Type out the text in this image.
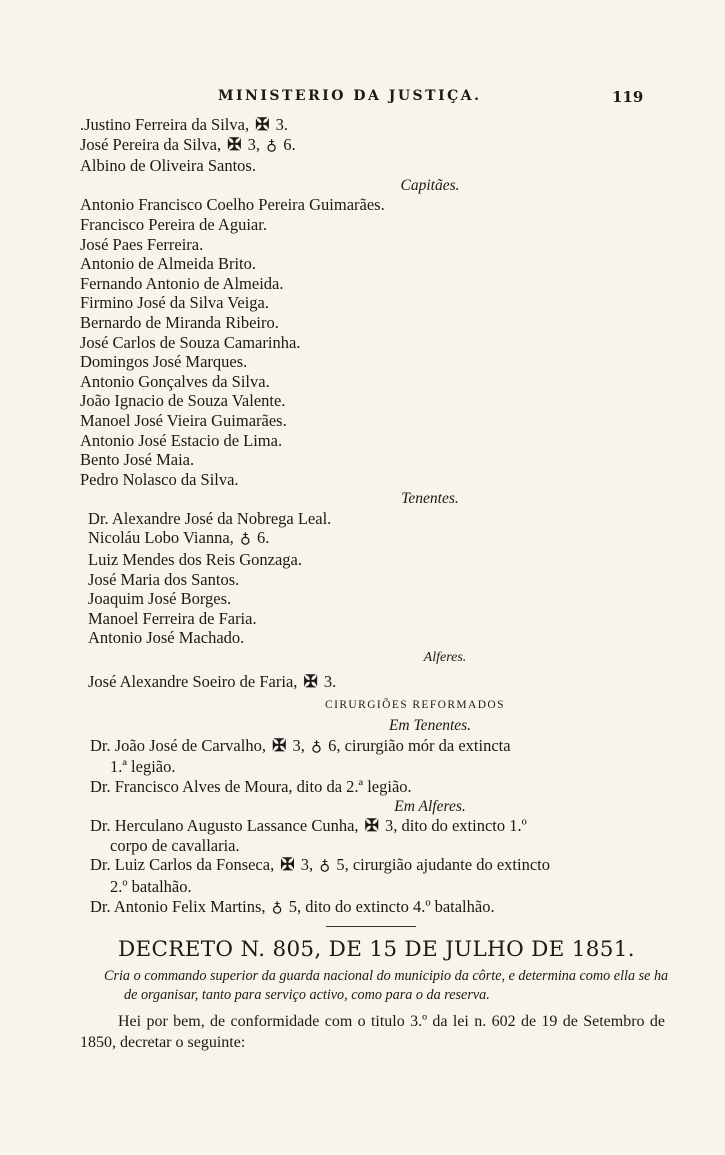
MINISTERIO DA JUSTIÇA.	119
.Justino Ferreira da Silva, ✠ 3.
José Pereira da Silva, ✠ 3, ♁ 6.
Albino de Oliveira Santos.
Capitães.
Antonio Francisco Coelho Pereira Guimarães.
Francisco Pereira de Aguiar.
José Paes Ferreira.
Antonio de Almeida Brito.
Fernando Antonio de Almeida.
Firmino José da Silva Veiga.
Bernardo de Miranda Ribeiro.
José Carlos de Souza Camarinha.
Domingos José Marques.
Antonio Gonçalves da Silva.
João Ignacio de Souza Valente.
Manoel José Vieira Guimarães.
Antonio José Estacio de Lima.
Bento José Maia.
Pedro Nolasco da Silva.
Tenentes.
Dr. Alexandre José da Nobrega Leal.
Nicoláu Lobo Vianna, ♁ 6.
Luiz Mendes dos Reis Gonzaga.
José Maria dos Santos.
Joaquim José Borges.
Manoel Ferreira de Faria.
Antonio José Machado.
Alferes.
José Alexandre Soeiro de Faria, ✠ 3.
CIRURGIÕES REFORMADOS
Em Tenentes.
Dr. João José de Carvalho, ✠ 3, ♁ 6, cirurgião mór da extincta
1.ª legião.
Dr. Francisco Alves de Moura, dito da 2.ª legião.
Em Alferes.
Dr. Herculano Augusto Lassance Cunha, ✠ 3, dito do extincto 1.º
corpo de cavallaria.
Dr. Luiz Carlos da Fonseca, ✠ 3, ♁ 5, cirurgião ajudante do extincto
2.º batalhão.
Dr. Antonio Felix Martins, ♁ 5, dito do extincto 4.º batalhão.
DECRETO N. 805, DE 15 DE JULHO DE 1851.
Cria o commando superior da guarda nacional do municipio da côrte, e determina como ella se ha de organisar, tanto para serviço activo, como para o da reserva.
Hei por bem, de conformidade com o titulo 3.º da lei n. 602 de 19 de Setembro de 1850, decretar o seguinte:
